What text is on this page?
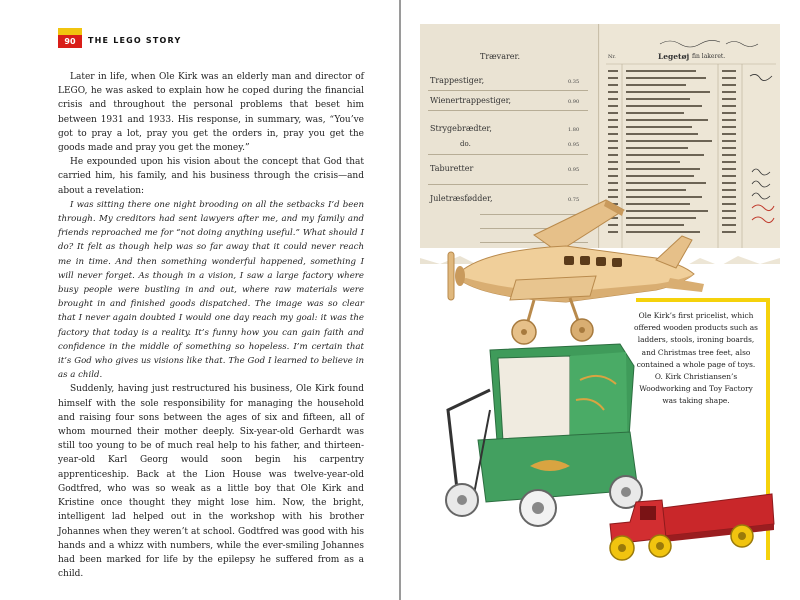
90	THE LEGO STORY

Later in life, when Ole Kirk was an elderly man and director of LEGO, he was asked to explain how he coped during the financial crisis and throughout the personal problems that beset him between 1931 and 1933. His response, in summary, was, “You’ve got to pray a lot, pray you get the orders in, pray you get the goods made and pray you get the money.”

He expounded upon his vision about the concept that God that carried him, his family, and his business through the crisis—and about a revelation:

I was sitting there one night brooding on all the setbacks I’d been through. My creditors had sent lawyers after me, and my family and friends reproached me for “not doing anything useful.” What should I do? It felt as though help was so far away that it could never reach me in time. And then something wonderful happened, something I will never forget. As though in a vision, I saw a large factory where busy people were bustling in and out, where raw materials were brought in and finished goods dispatched. The image was so clear that I never again doubted I would one day reach my goal: it was the factory that today is a reality. It’s funny how you can gain faith and confidence in the middle of something so hopeless. I’m certain that it’s God who gives us visions like that. The God I learned to believe in as a child.

Suddenly, having just restructured his business, Ole Kirk found himself with the sole responsibility for managing the household and raising four sons between the ages of six and fifteen, all of whom mourned their mother deeply. Six-year-old Gerhardt was still too young to be of much real help to his father, and thirteen-year-old Karl Georg would soon begin his carpentry apprenticeship. Back at the Lion House was twelve-year-old Godtfred, who was so weak as a little boy that Ole Kirk and Kristine once thought they might lose him. Now, the bright, intelligent lad helped out in the workshop with his brother Johannes when they weren’t at school. Godtfred was good with his hands and a whizz with numbers, while the ever-smiling Johannes had been marked for life by the epilepsy he suffered from as a child.

Trævarer.
Trappestiger,	0.35
Wienertrappestiger,	0.90
Strygebrædter,	1.80
do.	0.95
Taburetter	0.95
Juletræsfødder,	0.75
Legetøj fin lakeret.
Nr.
Ole Kirk’s first pricelist, which offered wooden products such as ladders, stools, ironing boards, and Christmas tree feet, also contained a whole page of toys. O. Kirk Christiansen’s Woodworking and Toy Factory was taking shape.
